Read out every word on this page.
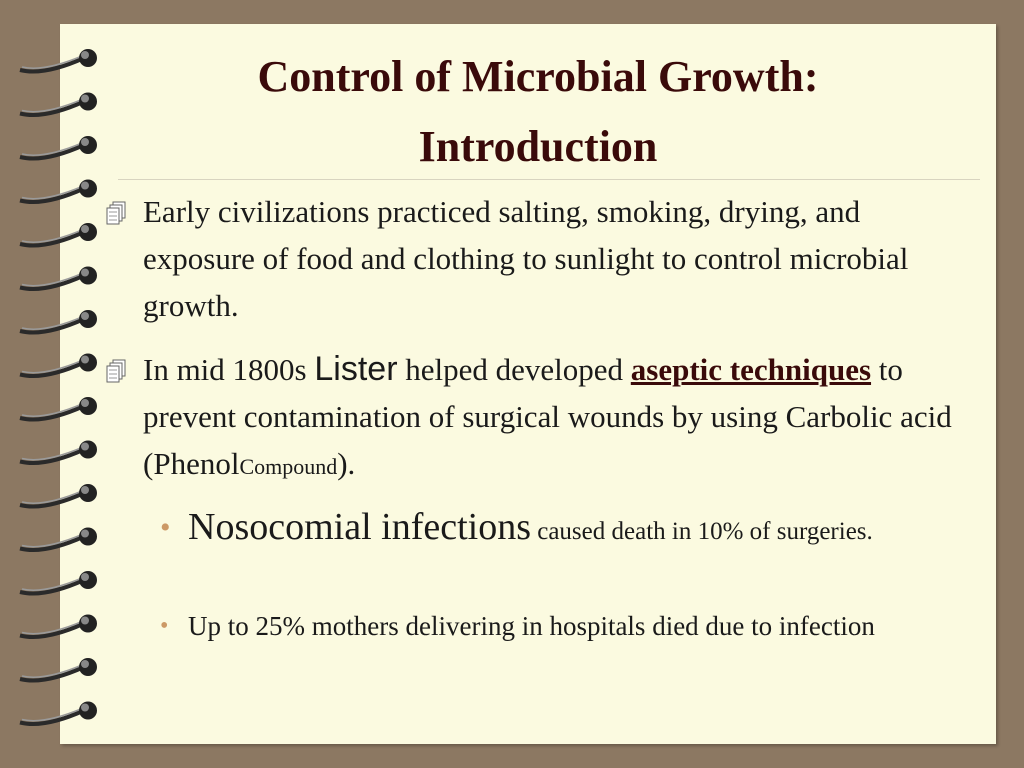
Control of Microbial Growth:
Introduction
Early civilizations practiced salting, smoking, drying, and exposure of food and clothing to sunlight to control microbial growth.
In mid 1800s Lister helped developed aseptic techniques to prevent contamination of surgical wounds by using Carbolic acid (PhenolCompound).
• Nosocomial infections caused death in 10% of surgeries.
• Up to 25% mothers delivering in hospitals died due to infection
